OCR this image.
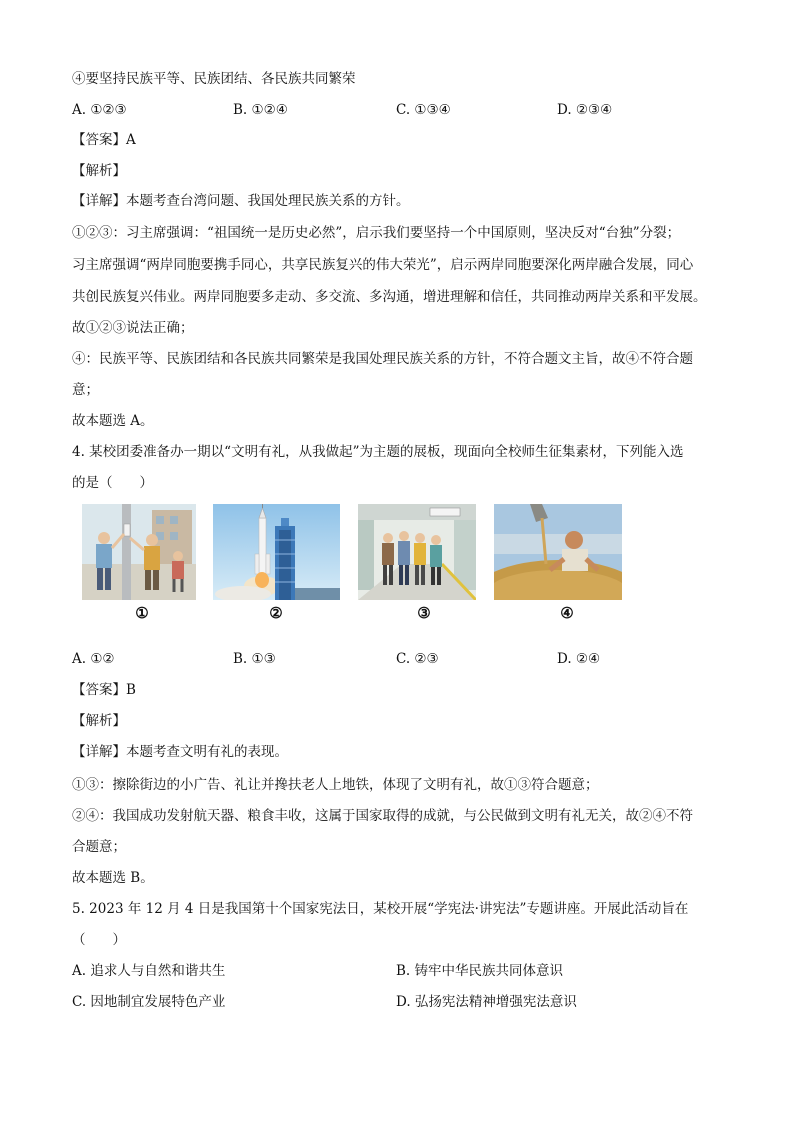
④要坚持民族平等、民族团结、各民族共同繁荣
A. ①②③	B. ①②④	C. ①③④	D. ②③④
【答案】A
【解析】
【详解】本题考查台湾问题、我国处理民族关系的方针。
①②③：习主席强调：“祖国统一是历史必然”，启示我们要坚持一个中国原则，坚决反对“台独”分裂；
习主席强调“两岸同胞要携手同心，共享民族复兴的伟大荣光”，启示两岸同胞要深化两岸融合发展，同心
共创民族复兴伟业。两岸同胞要多走动、多交流、多沟通，增进理解和信任，共同推动两岸关系和平发展。
故①②③说法正确；
④：民族平等、民族团结和各民族共同繁荣是我国处理民族关系的方针，不符合题文主旨，故④不符合题
意；
故本题选 A。
4. 某校团委准备办一期以“文明有礼，从我做起”为主题的展板，现面向全校师生征集素材，下列能入选
的是（　　）
①	②	③	④
A. ①②	B. ①③	C. ②③	D. ②④
【答案】B
【解析】
【详解】本题考查文明有礼的表现。
①③：擦除街边的小广告、礼让并搀扶老人上地铁，体现了文明有礼，故①③符合题意；
②④：我国成功发射航天器、粮食丰收，这属于国家取得的成就，与公民做到文明有礼无关，故②④不符
合题意；
故本题选 B。
5. 2023 年 12 月 4 日是我国第十个国家宪法日，某校开展“学宪法·讲宪法”专题讲座。开展此活动旨在
（　　）
A. 追求人与自然和谐共生	B. 铸牢中华民族共同体意识
C. 因地制宜发展特色产业	D. 弘扬宪法精神增强宪法意识
